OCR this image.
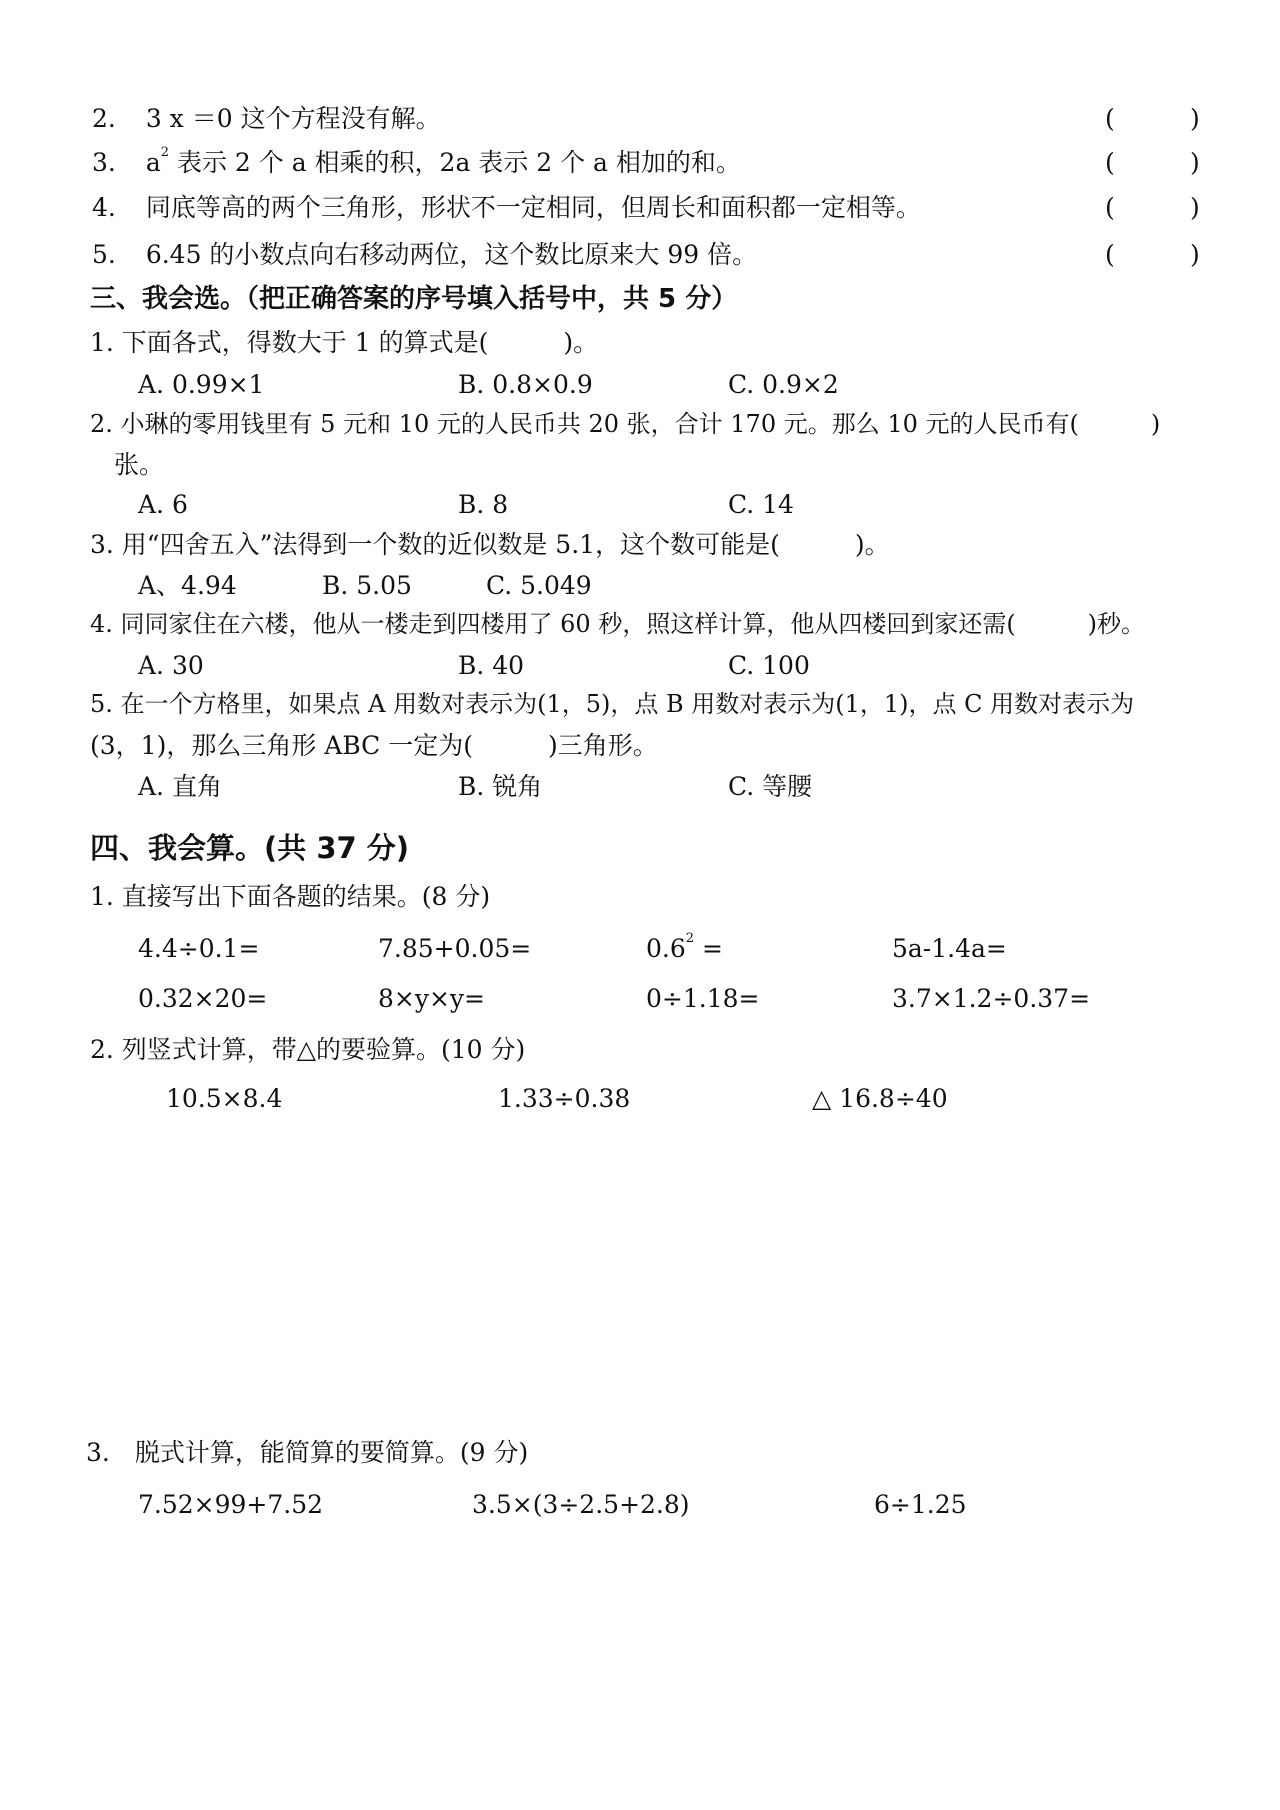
2. 3 x ＝0 这个方程没有解。	(	)
3. $a^2$ 表示 2 个 a 相乘的积，2a 表示 2 个 a 相加的和。	(	)
4. 同底等高的两个三角形，形状不一定相同，但周长和面积都一定相等。	(	)
5. 6.45 的小数点向右移动两位，这个数比原来大 99 倍。	(	)
三、我会选。（把正确答案的序号填入括号中，共 5 分）
1. 下面各式，得数大于 1 的算式是(　　　)。
A. 0.99×1	B. 0.8×0.9	C. 0.9×2
2. 小琳的零用钱里有 5 元和 10 元的人民币共 20 张，合计 170 元。那么 10 元的人民币有(　　　)
张。
A. 6	B. 8	C. 14
3. 用“四舍五入”法得到一个数的近似数是 5.1，这个数可能是(　　　)。
A、4.94	B. 5.05	C. 5.049
4. 同同家住在六楼，他从一楼走到四楼用了 60 秒，照这样计算，他从四楼回到家还需(　　　)秒。
A. 30	B. 40	C. 100
5. 在一个方格里，如果点 A 用数对表示为(1，5)，点 B 用数对表示为(1，1)，点 C 用数对表示为
(3，1)，那么三角形 ABC 一定为(　　　)三角形。
A. 直角	B. 锐角	C. 等腰
四、我会算。(共 37 分)
1. 直接写出下面各题的结果。(8 分)
4.4÷0.1=	7.85+0.05=	$0.6^2$ =	5a-1.4a=
0.32×20=	8×y×y=	0÷1.18=	3.7×1.2÷0.37=
2. 列竖式计算，带△的要验算。(10 分)
10.5×8.4	1.33÷0.38	△ 16.8÷40
3.　脱式计算，能简算的要简算。(9 分)
7.52×99+7.52	3.5×(3÷2.5+2.8)	6÷1.25
